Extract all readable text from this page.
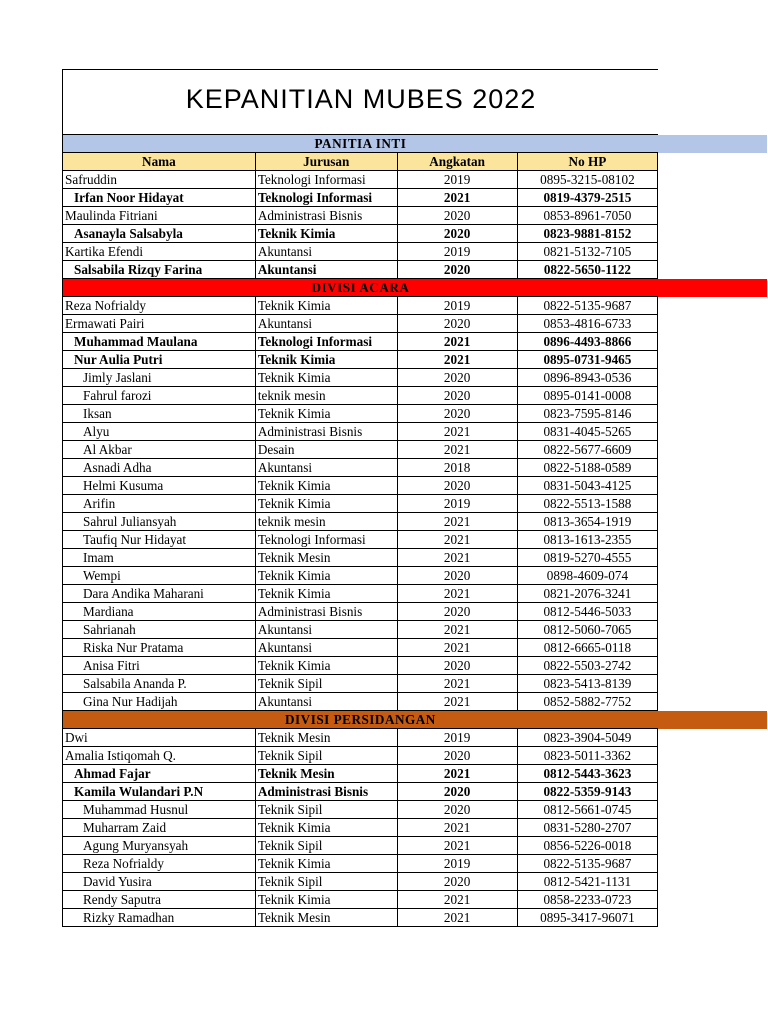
KEPANITIAN MUBES 2022
PANITIA INTI				
Nama	Jurusan	Angkatan	No HP	
Safruddin	Teknologi Informasi	2019	0895-3215-08102	
Irfan Noor Hidayat	Teknologi Informasi	2021	0819-4379-2515	
Maulinda Fitriani	Administrasi Bisnis	2020	0853-8961-7050	
Asanayla Salsabyla	Teknik Kimia	2020	0823-9881-8152	
Kartika Efendi	Akuntansi	2019	0821-5132-7105	
Salsabila Rizqy Farina	Akuntansi	2020	0822-5650-1122	
DIVISI ACARA				
Reza Nofrialdy	Teknik Kimia	2019	0822-5135-9687	
Ermawati Pairi	Akuntansi	2020	0853-4816-6733	
Muhammad Maulana	Teknologi Informasi	2021	0896-4493-8866	
Nur Aulia Putri	Teknik Kimia	2021	0895-0731-9465	
Jimly Jaslani	Teknik Kimia	2020	0896-8943-0536	
Fahrul farozi	teknik mesin	2020	0895-0141-0008	
Iksan	Teknik Kimia	2020	0823-7595-8146	
Alyu	Administrasi Bisnis	2021	0831-4045-5265	
Al Akbar	Desain	2021	0822-5677-6609	
Asnadi Adha	Akuntansi	2018	0822-5188-0589	
Helmi Kusuma	Teknik Kimia	2020	0831-5043-4125	
Arifin	Teknik Kimia	2019	0822-5513-1588	
Sahrul Juliansyah	teknik mesin	2021	0813-3654-1919	
Taufiq Nur Hidayat	Teknologi Informasi	2021	0813-1613-2355	
Imam	Teknik Mesin	2021	0819-5270-4555	
Wempi	Teknik Kimia	2020	0898-4609-074	
Dara Andika Maharani	Teknik Kimia	2021	0821-2076-3241	
Mardiana	Administrasi Bisnis	2020	0812-5446-5033	
Sahrianah	Akuntansi	2021	0812-5060-7065	
Riska Nur Pratama	Akuntansi	2021	0812-6665-0118	
Anisa Fitri	Teknik Kimia	2020	0822-5503-2742	
Salsabila Ananda P.	Teknik Sipil	2021	0823-5413-8139	
Gina Nur Hadijah	Akuntansi	2021	0852-5882-7752	
DIVISI PERSIDANGAN				
Dwi	Teknik Mesin	2019	0823-3904-5049	
Amalia Istiqomah Q.	Teknik Sipil	2020	0823-5011-3362	
Ahmad Fajar	Teknik Mesin	2021	0812-5443-3623	
Kamila Wulandari P.N	Administrasi Bisnis	2020	0822-5359-9143	
Muhammad Husnul	Teknik Sipil	2020	0812-5661-0745	
Muharram Zaid	Teknik Kimia	2021	0831-5280-2707	
Agung Muryansyah	Teknik Sipil	2021	0856-5226-0018	
Reza Nofrialdy	Teknik Kimia	2019	0822-5135-9687	
David Yusira	Teknik Sipil	2020	0812-5421-1131	
Rendy Saputra	Teknik Kimia	2021	0858-2233-0723	
Rizky Ramadhan	Teknik Mesin	2021	0895-3417-96071	
